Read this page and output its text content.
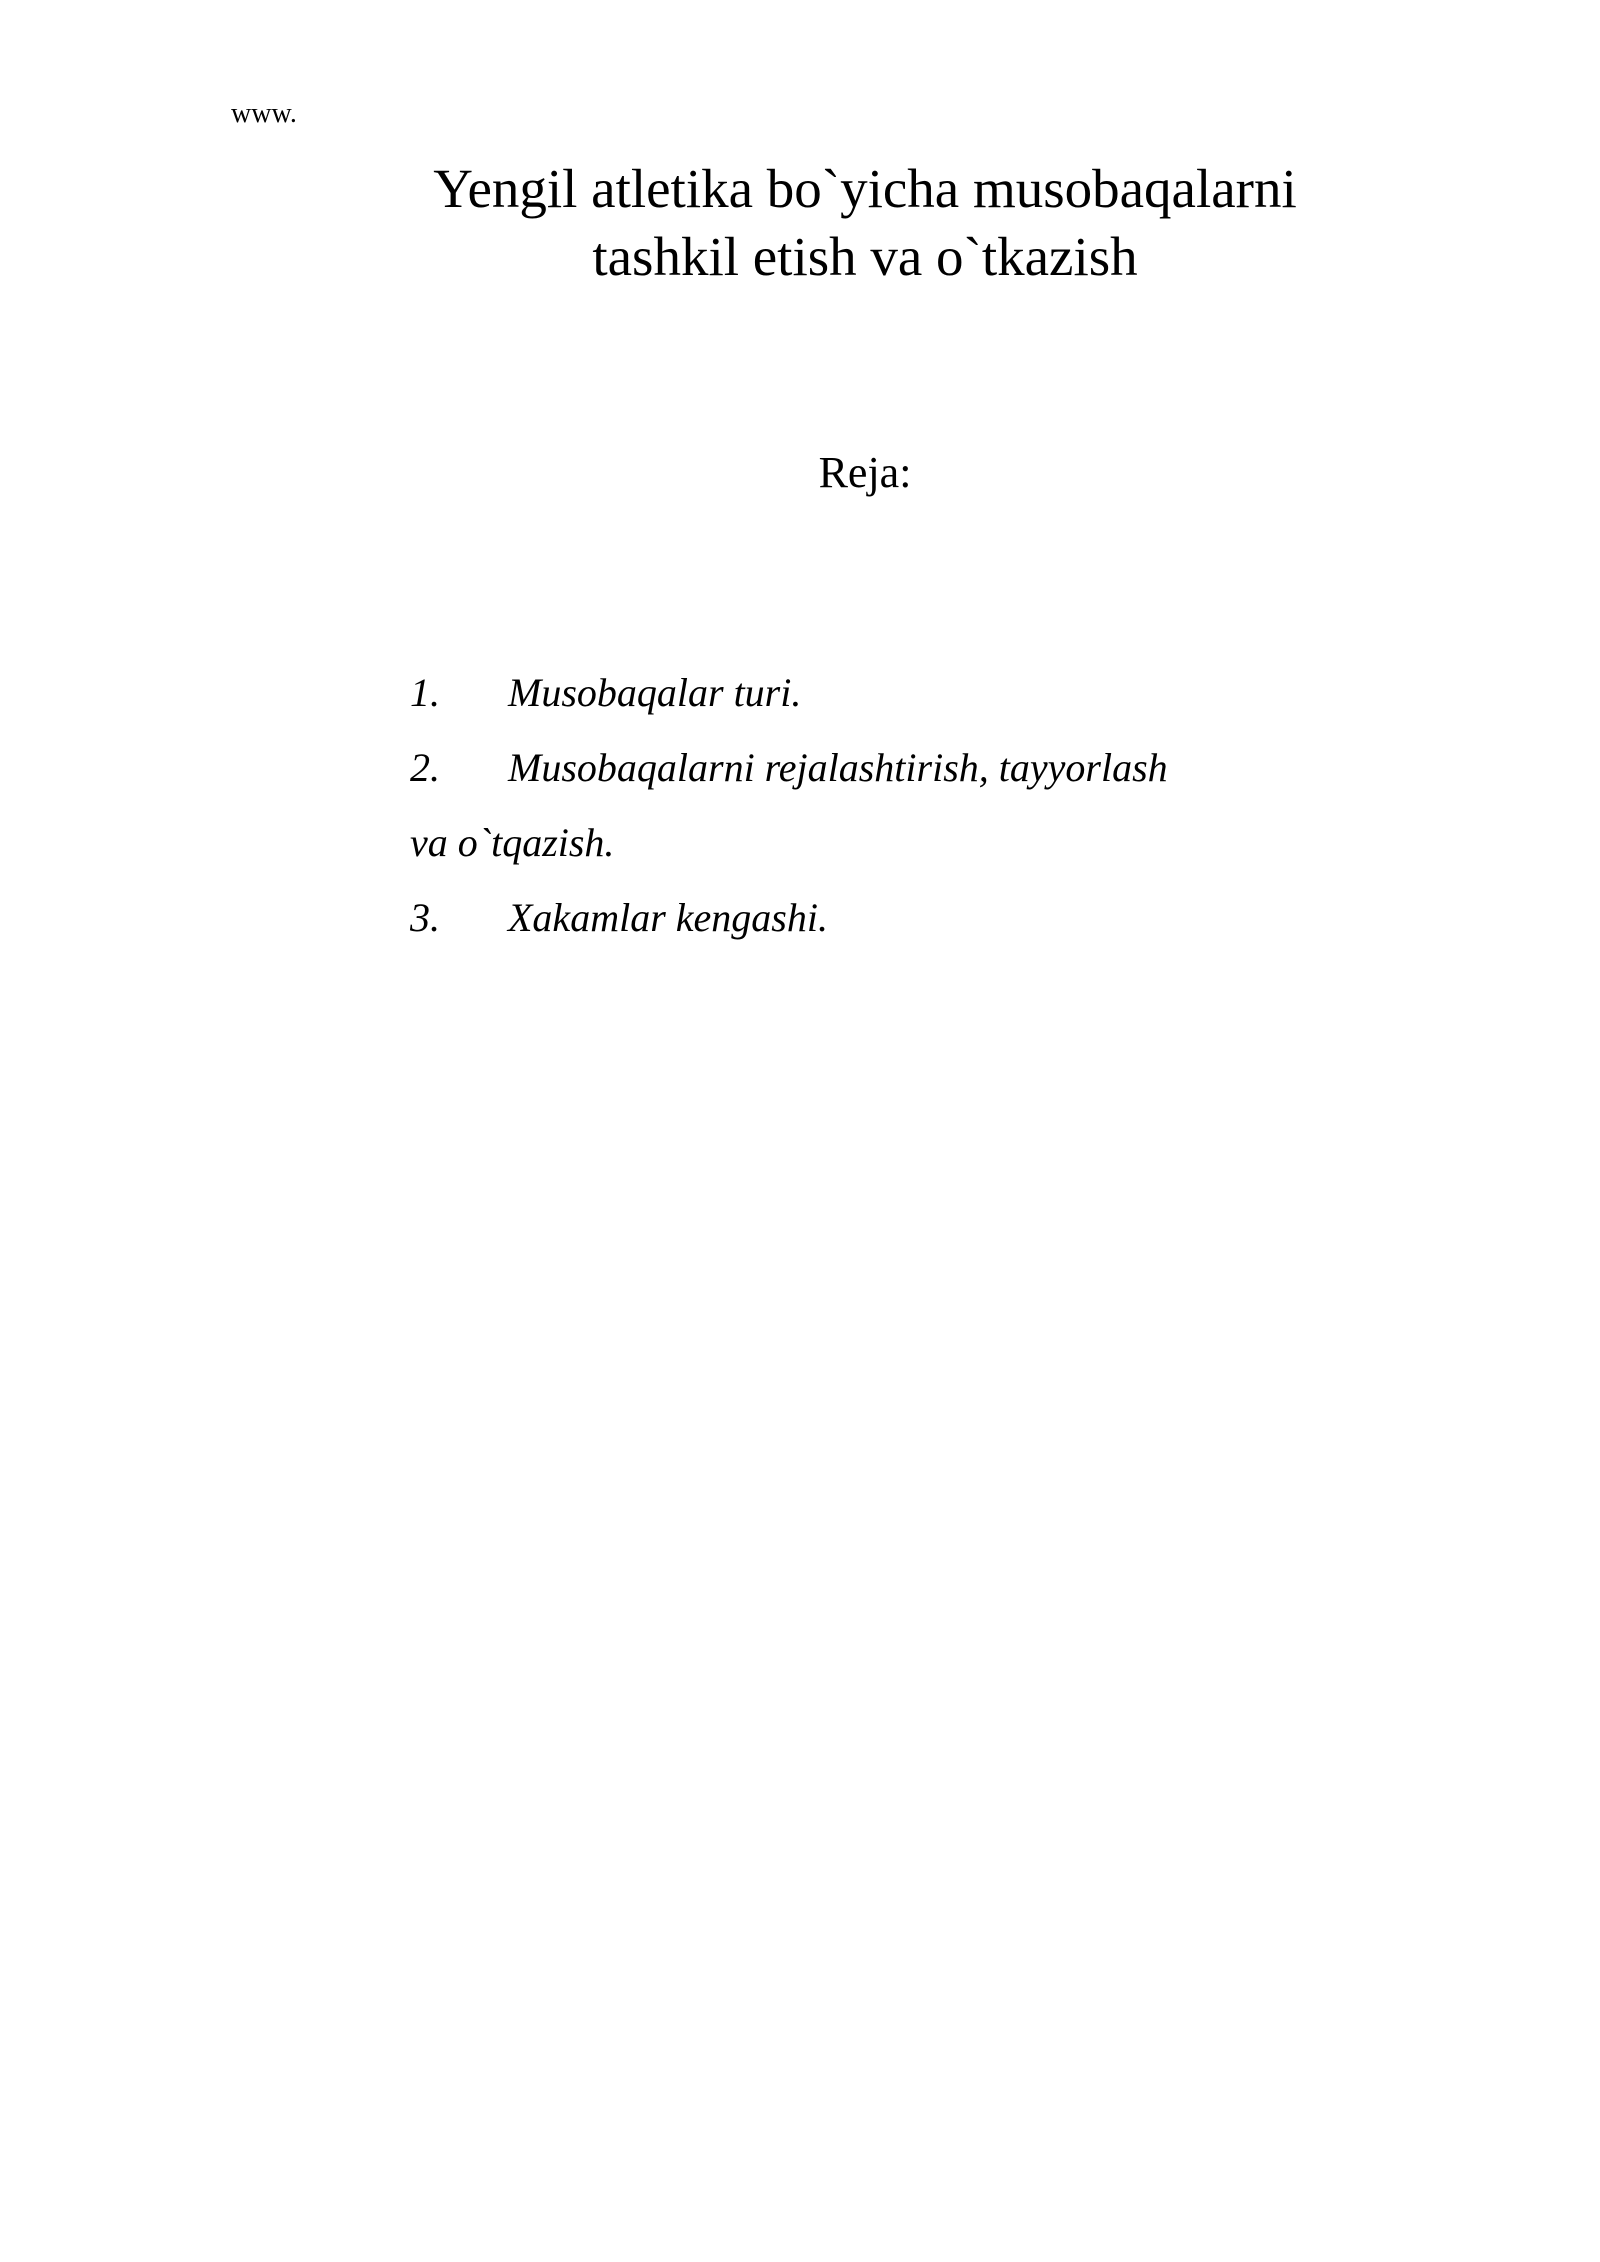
www.
Yengil atletika bo`yicha musobaqalarni
tashkil etish va o`tkazish
Reja:
1. Musobaqalar turi.
2. Musobaqalarni rejalashtirish, tayyorlash
va o`tqazish.
3. Xakamlar kengashi.
